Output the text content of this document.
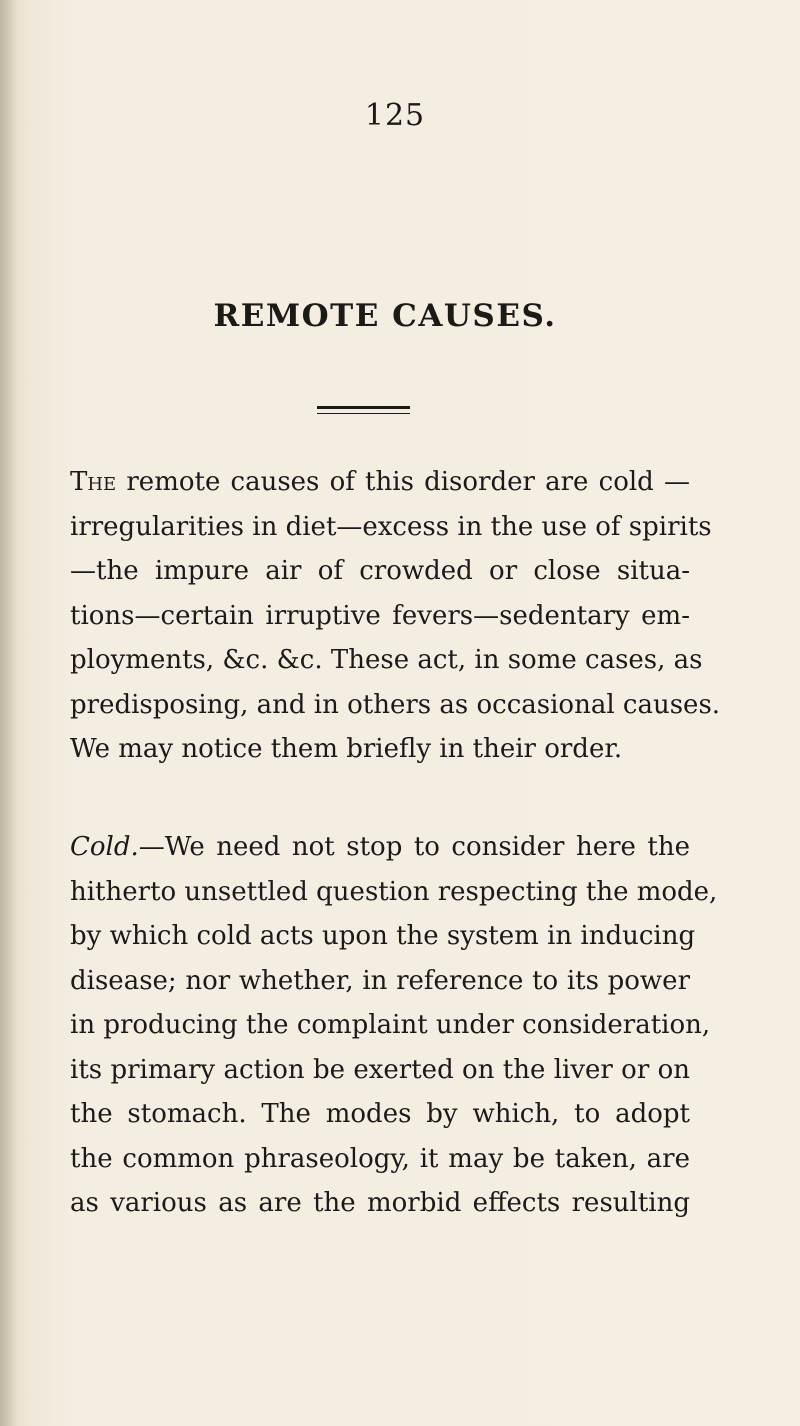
125
REMOTE CAUSES.
The remote causes of this disorder are cold —
irregularities in diet—excess in the use of spirits
—the impure air of crowded or close situa-
tions—certain irruptive fevers—sedentary em-
ployments, &c. &c. These act, in some cases, as
predisposing, and in others as occasional causes.
We may notice them briefly in their order.
Cold.—We need not stop to consider here the
hitherto unsettled question respecting the mode,
by which cold acts upon the system in inducing
disease; nor whether, in reference to its power
in producing the complaint under consideration,
its primary action be exerted on the liver or on
the stomach. The modes by which, to adopt
the common phraseology, it may be taken, are
as various as are the morbid effects resulting
